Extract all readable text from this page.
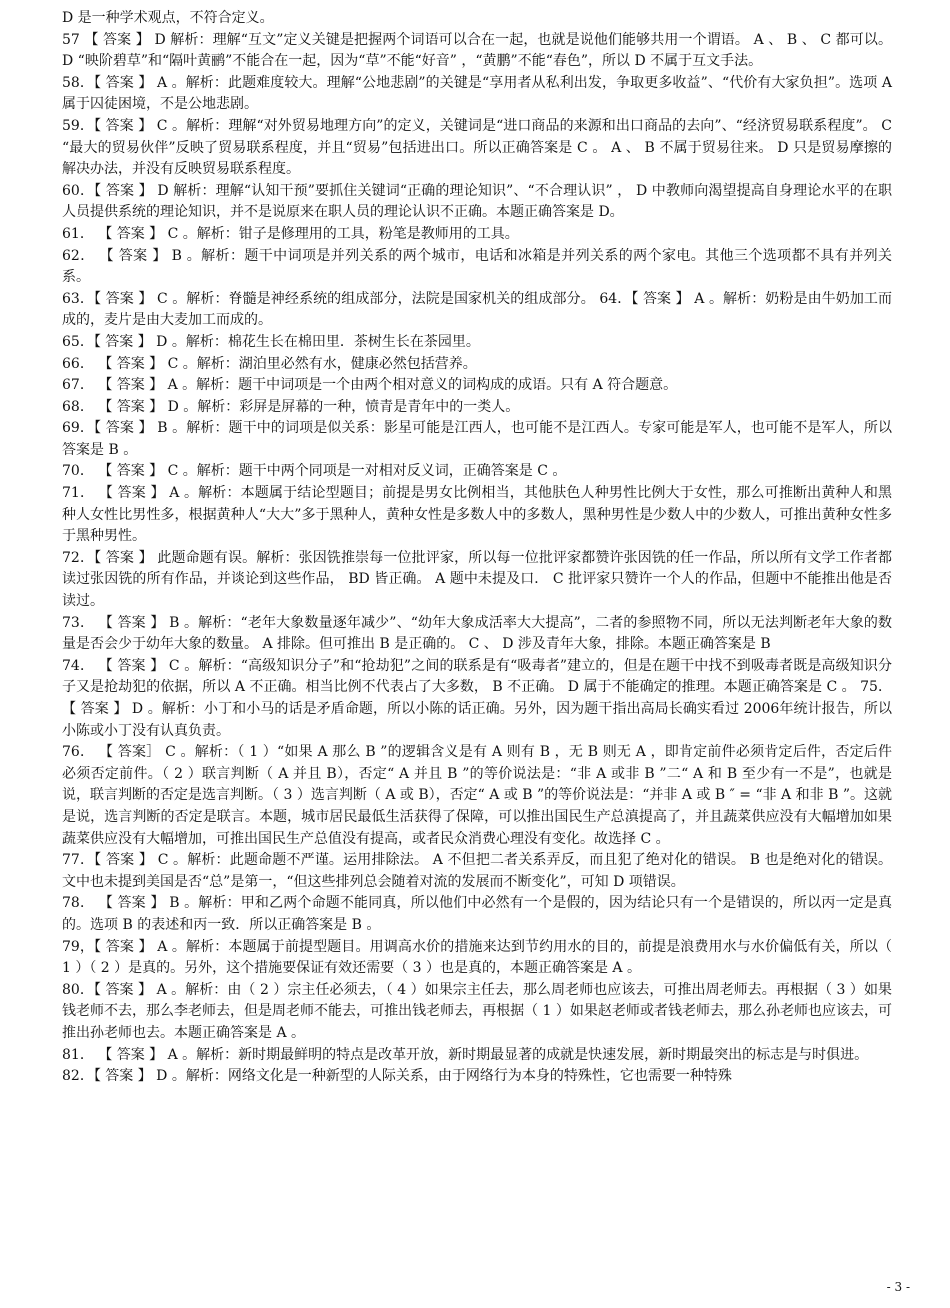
D 是一种学术观点，不符合定义。

57 【 答案 】 D 解析：理解“互文”定义关键是把握两个词语可以合在一起，也就是说他们能够共用一个谓语。 A 、 B 、 C 都可以。 D “映阶碧草”和“隔叶黄鹂”不能合在一起，因为“草”不能“好音” ，“黄鹏”不能“春色”，所以 D 不属于互文手法。

58．【 答案 】 A 。解析：此题难度较大。理解“公地悲剧”的关键是“享用者从私利出发，争取更多收益”、“代价有大家负担”。选项 A 属于囚徒困境，不是公地悲剧。

59．【 答案 】 C 。解析：理解“对外贸易地理方向”的定义，关键词是“进口商品的来源和出口商品的去向”、“经济贸易联系程度”。 C “最大的贸易伙伴”反映了贸易联系程度，并且“贸易”包括进出口。所以正确答案是 C 。 A 、 B 不属于贸易往来。 D 只是贸易摩擦的解决办法，并没有反映贸易联系程度。

60．【 答案 】 D 解析：理解“认知干预”要抓住关键词“正确的理论知识”、“不合理认识” ， D 中教师向渴望提高自身理论水平的在职人员提供系统的理论知识，并不是说原来在职人员的理论认识不正确。本题正确答案是 D。

61． 【 答案 】 C 。解析：钳子是修理用的工具，粉笔是教师用的工具。

62． 【 答案 】 B 。解析：题干中词项是并列关系的两个城市，电话和冰箱是并列关系的两个家电。其他三个选项都不具有并列关系。

63．【 答案 】 C 。解析：脊髓是神经系统的组成部分，法院是国家机关的组成部分。 64．【 答案 】 A 。解析：奶粉是由牛奶加工而成的，麦片是由大麦加工而成的。

65．【 答案 】 D 。解析：棉花生长在棉田里．茶树生长在茶园里。

66． 【 答案 】 C 。解析：湖泊里必然有水，健康必然包括营养。

67． 【 答案 】 A 。解析：题干中词项是一个由两个相对意义的词构成的成语。只有 A 符合题意。

68． 【 答案 】 D 。解析：彩屏是屏幕的一种，愤青是青年中的一类人。

69．【 答案 】 B 。解析：题干中的词项是似关系：影星可能是江西人，也可能不是江西人。专家可能是军人，也可能不是军人，所以答案是 B 。

70． 【 答案 】 C 。解析：题干中两个同项是一对相对反义词，正确答案是 C 。

71． 【 答案 】 A 。解析：本题属于结论型题目；前提是男女比例相当，其他肤色人种男性比例大于女性，那么可推断出黄种人和黑种人女性比男性多，根据黄种人“大大”多于黑种人，黄种女性是多数人中的多数人，黑种男性是少数人中的少数人，可推出黄种女性多于黑种男性。

72．【 答案 】 此题命题有误。解析：张因铣推崇每一位批评家，所以每一位批评家都赞许张因铣的任一作品，所以所有文学工作者都读过张因铣的所有作品，并谈论到这些作品， BD 皆正确。 A 题中未提及口． C 批评家只赞许一个人的作品，但题中不能推出他是否读过。

73． 【 答案 】 B 。解析：“老年大象数量逐年减少”、“幼年大象成活率大大提高”，二者的参照物不同，所以无法判断老年大象的数量是否会少于幼年大象的数量。 A 排除。但可推出 B 是正确的。 C 、 D 涉及青年大象，排除。本题正确答案是 B

74． 【 答案 】 C 。解析：“高级知识分子”和“抢劫犯”之间的联系是有“吸毒者”建立的，但是在题干中找不到吸毒者既是高级知识分子又是抢劫犯的依据，所以 A 不正确。相当比例不代表占了大多数， B 不正确。 D 属于不能确定的推理。本题正确答案是 C 。 75．【 答案 】 D 。解析：小丁和小马的话是矛盾命题，所以小陈的话正确。另外，因为题干指出高局长确实看过 2006年统计报告，所以小陈或小丁没有认真负责。

76． 【 答案］ C 。解析：（ 1 ）“如果 A 那么 B ”的逻辑含义是有 A 则有 B ，无 B 则无 A ，即肯定前件必须肯定后件，否定后件必须否定前件。（ 2 ）联言判断（ A 并且 B），否定“ A 并且 B ”的等价说法是：“非 A 或非 B ”二“ A 和 B 至少有一不是”，也就是说，联言判断的否定是选言判断。（ 3 ）选言判断（ A 或 B），否定“ A 或 B ”的等价说法是：“并非 A 或 B ″ = “非 A 和非 B ”。这就是说，选言判断的否定是联言。本题，城市居民最低生活获得了保障，可以推出国民生产总滇提高了，并且蔬菜供应没有大幅增加如果蔬菜供应没有大幅增加，可推出国民生产总值没有提高，或者民众消费心理没有变化。故选择 C 。

77．【 答案 】 C 。解析：此题命题不严谨。运用排除法。 A 不但把二者关系弄反，而且犯了绝对化的错误。 B 也是绝对化的错误。文中也未提到美国是否“总”是第一，“但这些排列总会随着对流的发展而不断变化”，可知 D 项错误。

78． 【 答案 】 B 。解析：甲和乙两个命题不能同真，所以他们中必然有一个是假的，因为结论只有一个是错误的，所以丙一定是真的。选项 B 的表述和丙一致．所以正确答案是 B 。

79，【 答案 】 A 。解析：本题属于前提型题目。用调高水价的措施来达到节约用水的目的，前提是浪费用水与水价偏低有关，所以（ 1 ）（ 2 ）是真的。另外，这个措施要保证有效还需要（ 3 ）也是真的，本题正确答案是 A 。

80．【 答案 】 A 。解析：由（ 2 ）宗主任必须去，（ 4 ）如果宗主任去，那么周老师也应该去，可推出周老师去。再根据（ 3 ）如果钱老师不去，那么李老师去，但是周老师不能去，可推出钱老师去，再根据（ 1 ）如果赵老师或者钱老师去，那么孙老师也应该去，可推出孙老师也去。本题正确答案是 A 。

81． 【 答案 】 A 。解析：新时期最鲜明的特点是改革开放，新时期最显著的成就是快速发展，新时期最突出的标志是与时俱进。

82．【 答案 】 D 。解析：网络文化是一种新型的人际关系，由于网络行为本身的特殊性，它也需要一种特殊

- 3 -
